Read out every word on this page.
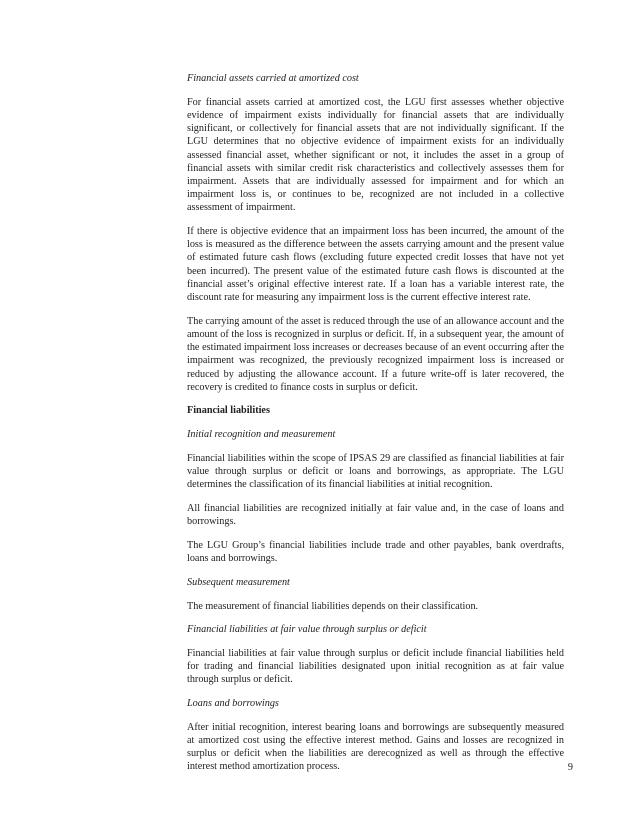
Financial assets carried at amortized cost

For financial assets carried at amortized cost, the LGU first assesses whether objective evidence of impairment exists individually for financial assets that are individually significant, or collectively for financial assets that are not individually significant. If the LGU determines that no objective evidence of impairment exists for an individually assessed financial asset, whether significant or not, it includes the asset in a group of financial assets with similar credit risk characteristics and collectively assesses them for impairment. Assets that are individually assessed for impairment and for which an impairment loss is, or continues to be, recognized are not included in a collective assessment of impairment.

If there is objective evidence that an impairment loss has been incurred, the amount of the loss is measured as the difference between the assets carrying amount and the present value of estimated future cash flows (excluding future expected credit losses that have not yet been incurred). The present value of the estimated future cash flows is discounted at the financial asset’s original effective interest rate. If a loan has a variable interest rate, the discount rate for measuring any impairment loss is the current effective interest rate.

The carrying amount of the asset is reduced through the use of an allowance account and the amount of the loss is recognized in surplus or deficit. If, in a subsequent year, the amount of the estimated impairment loss increases or decreases because of an event occurring after the impairment was recognized, the previously recognized impairment loss is increased or reduced by adjusting the allowance account. If a future write-off is later recovered, the recovery is credited to finance costs in surplus or deficit.

Financial liabilities
Initial recognition and measurement

Financial liabilities within the scope of IPSAS 29 are classified as financial liabilities at fair value through surplus or deficit or loans and borrowings, as appropriate. The LGU determines the classification of its financial liabilities at initial recognition.

All financial liabilities are recognized initially at fair value and, in the case of loans and borrowings.

The LGU Group’s financial liabilities include trade and other payables, bank overdrafts, loans and borrowings.

Subsequent measurement

The measurement of financial liabilities depends on their classification.

Financial liabilities at fair value through surplus or deficit

Financial liabilities at fair value through surplus or deficit include financial liabilities held for trading and financial liabilities designated upon initial recognition as at fair value through surplus or deficit.

Loans and borrowings

After initial recognition, interest bearing loans and borrowings are subsequently measured at amortized cost using the effective interest method. Gains and losses are recognized in surplus or deficit when the liabilities are derecognized as well as through the effective interest method amortization process.	9
